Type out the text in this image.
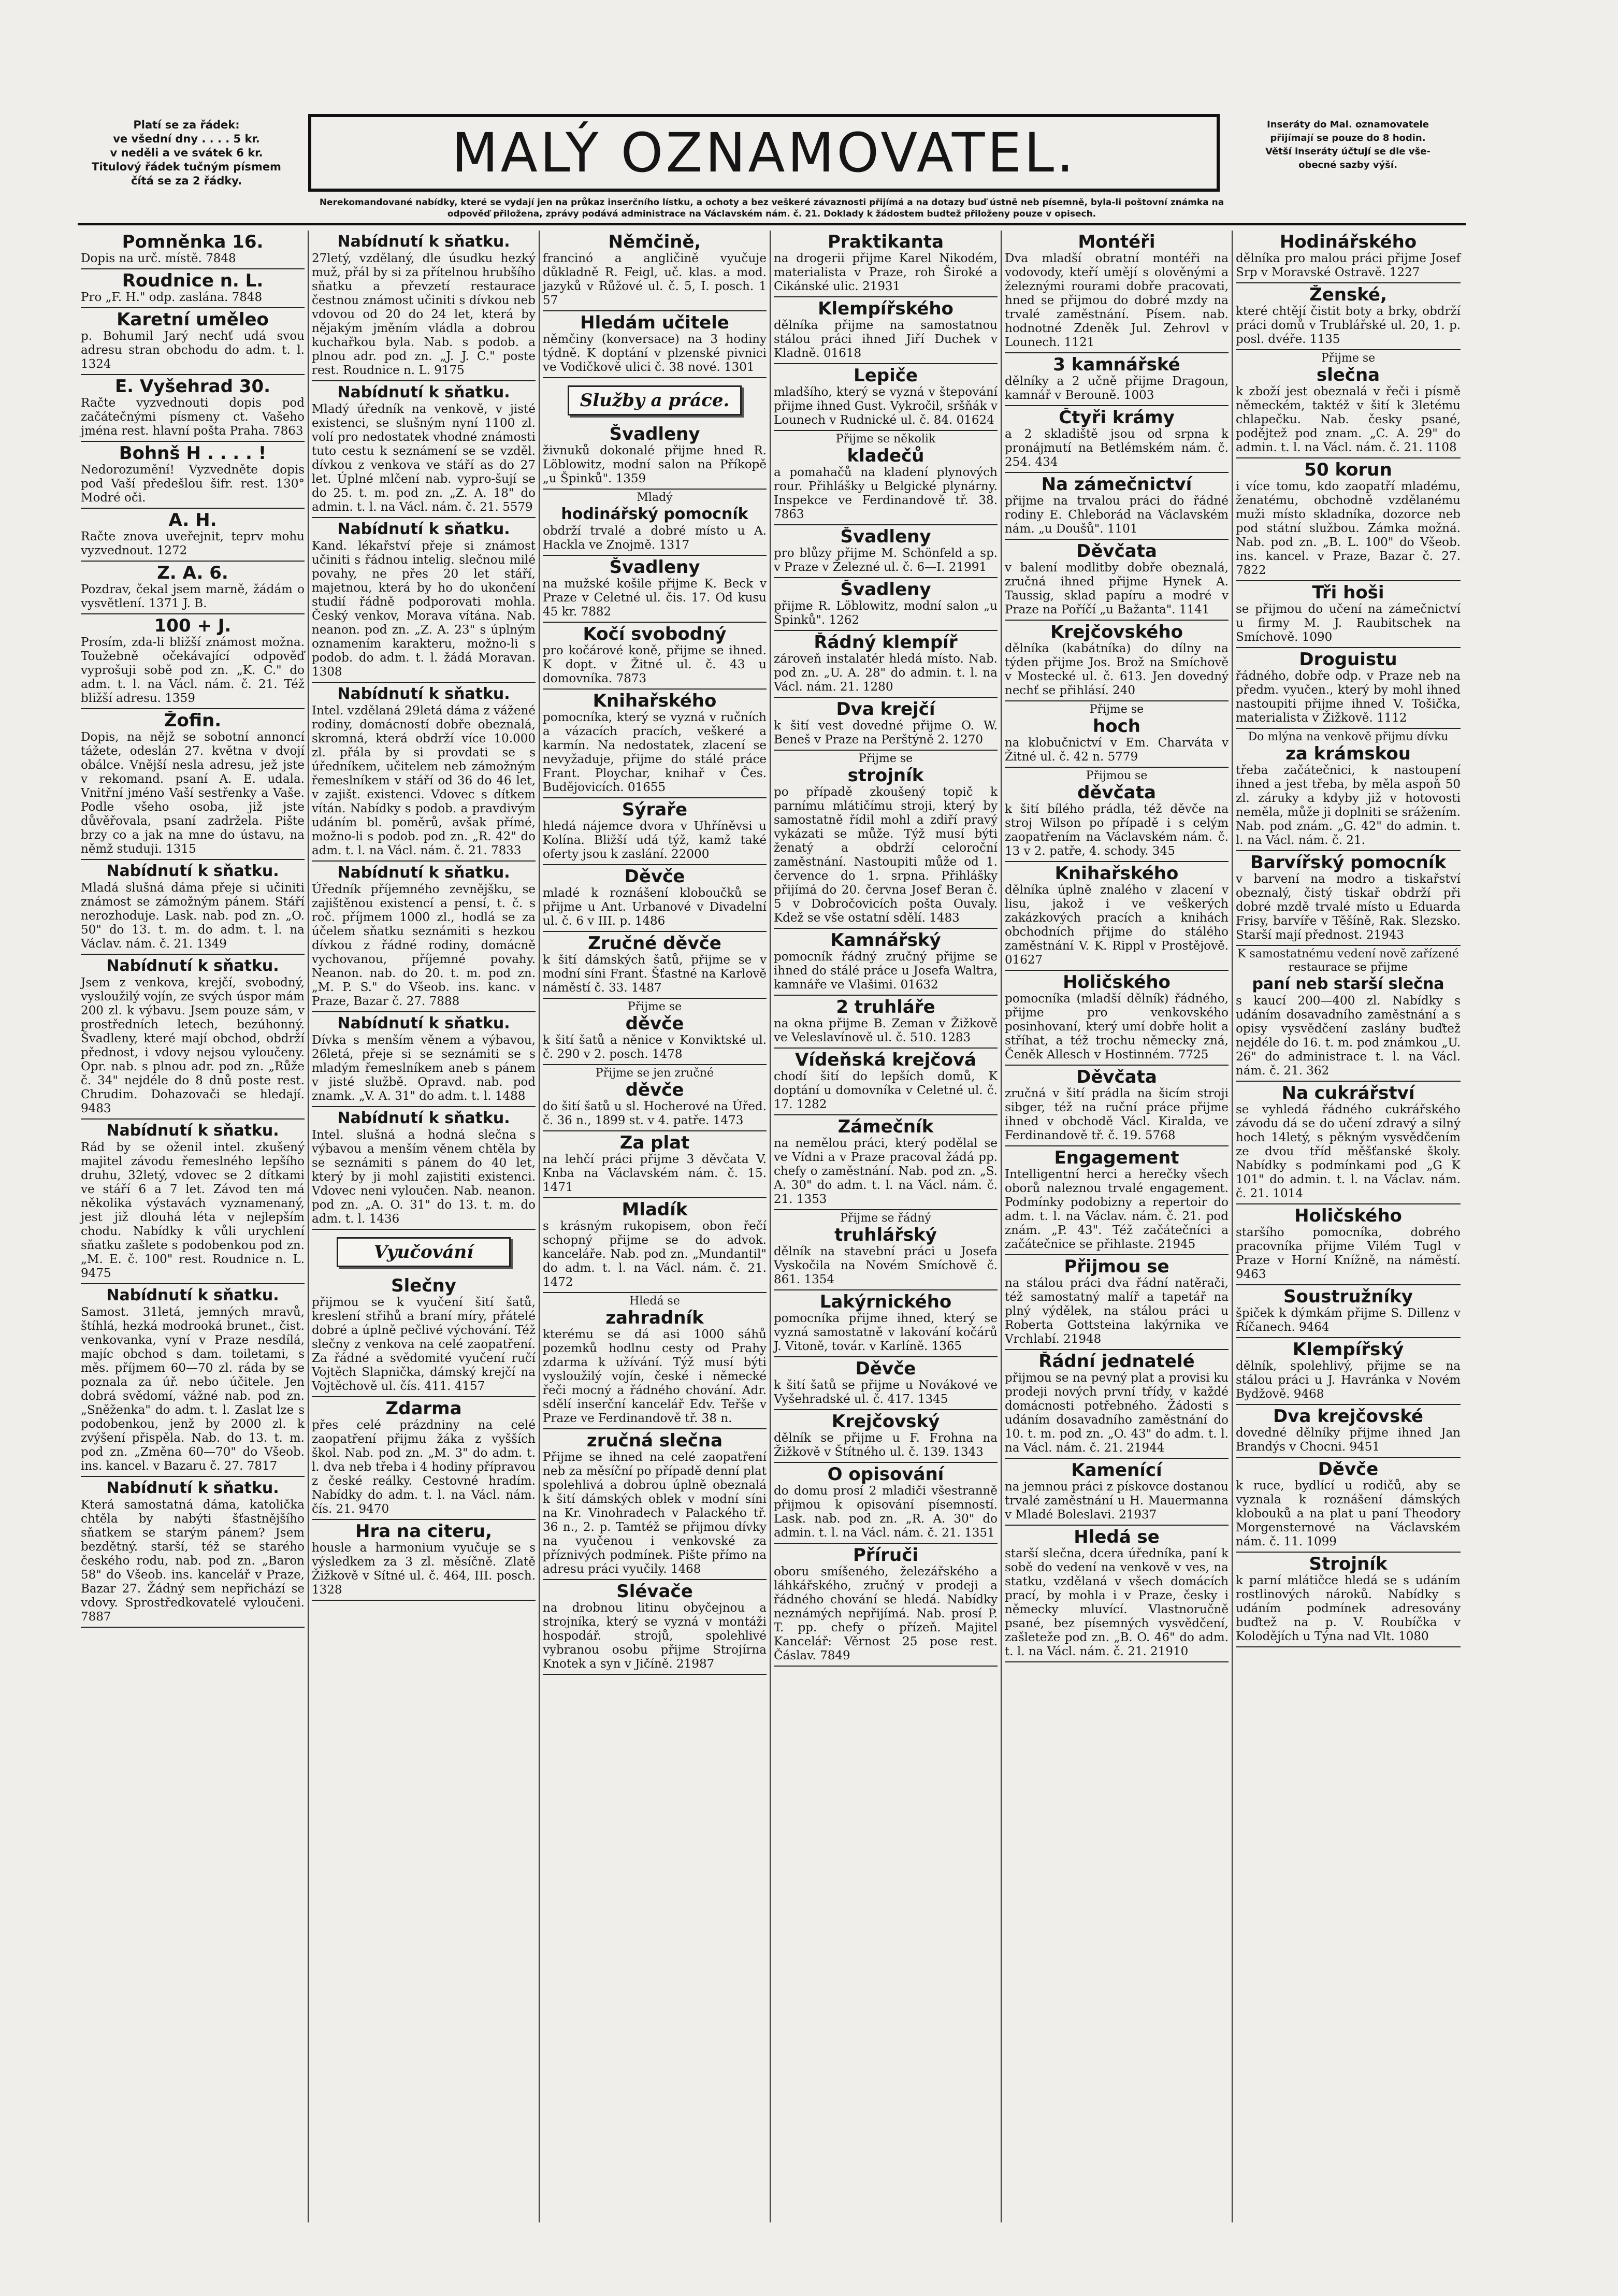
Platí se za řádek:
ve všední dny . . . . 5 kr.
v neděli a ve svátek 6 kr.
Titulový řádek tučným písmem
čítá se za 2 řádky.	MALÝ OZNAMOVATEL.	Inseráty do Mal. oznamovatele
přijímají se pouze do 8 hodin.
Větší inseráty účtují se dle vše-
obecné sazby výší.
Nerekomandované nabídky, které se vydají jen na průkaz inserčního lístku, a ochoty a bez veškeré závaznosti přijímá a na dotazy buď ústně neb písemně, byla-li poštovní známka na
odpověď přiložena, zprávy podává administrace na Václavském nám. č. 21. Doklady k žádostem budtež přiloženy pouze v opisech.
Pomněnka 16.
Dopis na urč. místě. 7848
Roudnice n. L.
Pro „F. H." odp. zaslána. 7848
Karetní uměleo
p. Bohumil Jarý nechť udá svou adresu stran obchodu do adm. t. l. 1324
E. Vyšehrad 30.
Račte vyzvednouti dopis pod začátečnými písmeny ct. Vašeho jména rest. hlavní pošta Praha. 7863
Bohnš H . . . . !
Nedorozumění! Vyzvedněte dopis pod Vaší předešlou šifr. rest. 130° Modré oči.
A. H.
Račte znova uveřejnit, teprv mohu vyzvednout. 1272
Z. A. 6.
Pozdrav, čekal jsem marně, žádám o vysvětlení. 1371 J. B.
100 + J.
Prosím, zda-li bližší známost možna. Toužebně očekávající odpověď vyprošuji sobě pod zn. „K. C." do adm. t. l. na Václ. nám. č. 21. Též bližší adresu. 1359
Žofin.
Dopis, na nějž se sobotní annoncí tážete, odeslán 27. května v dvojí obálce. Vnější nesla adresu, jež jste v rekomand. psaní A. E. udala. Vnitřní jméno Vaší sestřenky a Vaše. Podle všeho osoba, již jste důvěřovala, psaní zadržela. Pište brzy co a jak na mne do ústavu, na němž studuji. 1315
Nabídnutí k sňatku.
Mladá slušná dáma přeje si učiniti známost se zámožným pánem. Stáří nerozhoduje. Lask. nab. pod zn. „O. 50" do 13. t. m. do adm. t. l. na Václav. nám. č. 21. 1349
Nabídnutí k sňatku.
Jsem z venkova, krejčí, svobodný, vysloužilý vojín, ze svých úspor mám 200 zl. k výbavu. Jsem pouze sám, v prostředních letech, bezúhonný. Švadleny, které mají obchod, obdrží přednost, i vdovy nejsou vyloučeny. Opr. nab. s plnou adr. pod zn. „Růže č. 34" nejdéle do 8 dnů poste rest. Chrudim. Dohazovači se hledají. 9483
Nabídnutí k sňatku.
Rád by se oženil intel. zkušený majitel závodu řemeslného lepšího druhu, 32letý, vdovec se 2 dítkami ve stáří 6 a 7 let. Závod ten má několika výstavách vyznamenaný, jest již dlouhá léta v nejlepším chodu. Nabídky k vůli urychlení sňatku zašlete s podobenkou pod zn. „M. E. č. 100" rest. Roudnice n. L. 9475
Nabídnutí k sňatku.
Samost. 31letá, jemných mravů, štíhlá, hezká modrooká brunet., čist. venkovanka, vyní v Praze nesdílá, majíc obchod s dam. toiletami, s měs. příjmem 60—70 zl. ráda by se poznala za úř. nebo účitele. Jen dobrá svědomí, vážné nab. pod zn. „Sněženka" do adm. t. l. Zaslat lze s podobenkou, jenž by 2000 zl. k zvýšení přispěla. Nab. do 13. t. m. pod zn. „Změna 60—70" do Všeob. ins. kancel. v Bazaru č. 27. 7817
Nabídnutí k sňatku.
Která samostatná dáma, katolička chtěla by nabýti šťastnějšího sňatkem se starým pánem? Jsem bezdětný. starší, též se starého českého rodu, nab. pod zn. „Baron 58" do Všeob. ins. kancelář v Praze, Bazar 27. Žádný sem nepřichází se vdovy. Sprostředkovatelé vyloučeni. 7887
Nabídnutí k sňatku.
27letý, vzdělaný, dle úsudku hezký muž, přál by si za přítelnou hrubšího sňatku a převzetí restaurace čestnou známost učiniti s dívkou neb vdovou od 20 do 24 let, která by nějakým jměním vládla a dobrou kuchařkou byla. Nab. s podob. a plnou adr. pod zn. „J. J. C." poste rest. Roudnice n. L. 9175
Nabídnutí k sňatku.
Mladý úředník na venkově, v jisté existenci, se slušným nyní 1100 zl. volí pro nedostatek vhodné známosti tuto cestu k seznámení se se vzděl. dívkou z venkova ve stáří as do 27 let. Úplné mlčení nab. vypro-šují se do 25. t. m. pod zn. „Z. A. 18" do admin. t. l. na Václ. nám. č. 21. 5579
Nabídnutí k sňatku.
Kand. lékařství přeje si známost učiniti s řádnou intelig. slečnou milé povahy, ne přes 20 let stáří, majetnou, která by ho do ukončení studií řádně podporovati mohla. Český venkov, Morava vítána. Nab. neanon. pod zn. „Z. A. 23" s úplným oznamením karakteru, možno-li s podob. do adm. t. l. žádá Moravan. 1308
Nabídnutí k sňatku.
Intel. vzdělaná 29letá dáma z vážené rodiny, domácností dobře obeznalá, skromná, která obdrží více 10.000 zl. přála by si provdati se s úředníkem, učitelem neb zámožným řemeslníkem v stáří od 36 do 46 let, v zajišt. existenci. Vdovec s dítkem vítán. Nabídky s podob. a pravdivým udáním bl. poměrů, avšak přímé, možno-li s podob. pod zn. „R. 42" do adm. t. l. na Václ. nám. č. 21. 7833
Nabídnutí k sňatku.
Úředník příjemného zevnějšku, se zajištěnou existencí a pensí, t. č. s roč. příjmem 1000 zl., hodlá se za účelem sňatku seznámiti s hezkou dívkou z řádné rodiny, domácně vychovanou, příjemné povahy. Neanon. nab. do 20. t. m. pod zn. „M. P. S." do Všeob. ins. kanc. v Praze, Bazar č. 27. 7888
Nabídnutí k sňatku.
Dívka s menším věnem a výbavou, 26letá, přeje si se seznámiti se s mladým řemeslníkem aneb s pánem v jisté službě. Opravd. nab. pod znamk. „V. A. 31" do adm. t. l. 1488
Nabídnutí k sňatku.
Intel. slušná a hodná slečna s výbavou a menším věnem chtěla by se seznámiti s pánem do 40 let, který by ji mohl zajistiti existenci. Vdovec neni vyloučen. Nab. neanon. pod zn. „A. O. 31" do 13. t. m. do adm. t. l. 1436
Vyučování
Slečny
přijmou se k vyučení šití šatů, kreslení střihů a braní míry, přátelé dobré a úplně pečlivé výchování. Též slečny z venkova na celé zaopatření. Za řádné a svědomité vyučení ručí Vojtěch Slapnička, dámský krejčí na Vojtěchově ul. čís. 411. 4157
Zdarma
přes celé prázdniny na celé zaopatření přijmu žáka z vyšších škol. Nab. pod zn. „M. 3" do adm. t. l. dva neb třeba i 4 hodiny přípravou z české reálky. Cestovné hradím. Nabídky do adm. t. l. na Václ. nám. čís. 21. 9470
Hra na citeru,
housle a harmonium vyučuje se s výsledkem za 3 zl. měsíčně. Zlatě Žižkově v Sítné ul. č. 464, III. posch. 1328
Němčině,
francinó a angličině vyučuje důkladně R. Feigl, uč. klas. a mod. jazyků v Růžové ul. č. 5, I. posch. 1 57
Hledám učitele
němčiny (konversace) na 3 hodiny týdně. K doptání v plzenské pivnici ve Vodičkově ulici č. 38 nové. 1301
Služby a práce.
Švadleny
živnuků dokonalé přijme hned R. Löblowitz, modní salon na Příkopě „u Špinků". 1359
Mladý
hodinářský pomocník
obdrží trvalé a dobré místo u A. Hackla ve Znojmě. 1317
Švadleny
na mužské košile přijme K. Beck v Praze v Celetné ul. čis. 17. Od kusu 45 kr. 7882
Kočí svobodný
pro kočárové koně, přijme se ihned. K dopt. v Žitné ul. č. 43 u domovníka. 7873
Knihařského
pomocníka, který se vyzná v ručních a vázacích pracích, veškeré a karmín. Na nedostatek, zlacení se nevyžaduje, přijme do stálé práce Frant. Ploychar, knihař v Čes. Budějovicích. 01655
Sýraře
hledá nájemce dvora v Uhříněvsi u Kolína. Bližší udá týž, kamž také oferty jsou k zaslání. 22000
Děvče
mladé k roznášení kloboučků se přijme u Ant. Urbanové v Divadelní ul. č. 6 v III. p. 1486
Zručné děvče
k šití dámských šatů, přijme se v modní síni Frant. Šťastné na Karlově náměstí č. 33. 1487
Přijme se
děvče
k šití šatů a něnice v Konviktské ul. č. 290 v 2. posch. 1478
Přijme se jen zručné
děvče
do šití šatů u sl. Hocherové na Úřed. č. 36 n., 1899 st. v 4. patře. 1473
Za plat
na lehčí práci přijme 3 děvčata V. Knba na Václavském nám. č. 15. 1471
Mladík
s krásným rukopisem, obon řečí schopný přijme se do advok. kanceláře. Nab. pod zn. „Mundantil" do adm. t. l. na Václ. nám. č. 21. 1472
Hledá se
zahradník
kterému se dá asi 1000 sáhů pozemků hodlnu cesty od Prahy zdarma k užívání. Týž musí býti vysloužilý vojín, české i německé řeči mocný a řádného chování. Adr. sdělí inserční kancelář Edv. Teřše v Praze ve Ferdinandově tř. 38 n.
zručná slečna
Přijme se ihned na celé zaopatření neb za měsíční po případě denní plat spolehlivá a dobrou úplně obeznalá k šití dámských oblek v modní síni na Kr. Vinohradech v Palackého tř. 36 n., 2. p. Tamtéž se přijmou dívky na vyučenou i venkovské za příznivých podmínek. Pište přímo na adresu práci vyučily. 1468
Slévače
na drobnou litinu obyčejnou a strojníka, který se vyzná v montáži hospodář. strojů, spolehlivé vybranou osobu přijme Strojírna Knotek a syn v Jičíně. 21987
Praktikanta
na drogerii přijme Karel Nikodém, materialista v Praze, roh Široké a Cikánské ulic. 21931
Klempířského
dělníka přijme na samostatnou stálou práci ihned Jiří Duchek v Kladně. 01618
Lepiče
mladšího, který se vyzná v štepování přijme ihned Gust. Vykročil, sršňák v Lounech v Rudnické ul. č. 84. 01624
Přijme se několik
kladečů
a pomahačů na kladení plynových rour. Přihlášky u Belgické plynárny. Inspekce ve Ferdinandově tř. 38. 7863
Švadleny
pro blůzy přijme M. Schönfeld a sp. v Praze v Železné ul. č. 6—I. 21991
Švadleny
přijme R. Löblowitz, modní salon „u Špinků". 1262
Řádný klempíř
zároveň instalatér hledá místo. Nab. pod zn. „U. A. 28" do admin. t. l. na Václ. nám. 21. 1280
Dva krejčí
k šití vest dovedné přijme O. W. Beneš v Praze na Perštýně 2. 1270
Přijme se
strojník
po případě zkoušený topič k parnímu mlátičímu stroji, který by samostatně řídil mohl a zdiří pravý vykázati se může. Týž musí býti ženatý a obdrží celoroční zaměstnání. Nastoupiti může od 1. července do 1. srpna. Přihlášky přijímá do 20. června Josef Beran č. 5 v Dobročovicích pošta Ouvaly. Kdež se vše ostatní sdělí. 1483
Kamnářský
pomocník řádný zručný přijme se ihned do stálé práce u Josefa Waltra, kamnáře ve Vlašimi. 01632
2 truhláře
na okna přijme B. Zeman v Žižkově ve Veleslavínově ul. č. 510. 1283
Vídeňská krejčová
chodí šití do lepších domů, K doptání u domovníka v Celetné ul. č. 17. 1282
Zámečník
na nemělou práci, který podělal se ve Vídni a v Praze pracoval žádá pp. chefy o zaměstnání. Nab. pod zn. „S. A. 30" do adm. t. l. na Václ. nám. č. 21. 1353
Přijme se řádný
truhlářský
dělník na stavební práci u Josefa Vyskočila na Novém Smíchově č. 861. 1354
Lakýrnického
pomocníka přijme ihned, který se vyzná samostatně v lakování kočárů J. Vitoně, továr. v Karlíně. 1365
Děvče
k šití šatů se přijme u Novákové ve Vyšehradské ul. č. 417. 1345
Krejčovský
dělník se přijme u F. Frohna na Žižkově v Štítného ul. č. 139. 1343
O opisování
do domu prosí 2 mladiči všestranně přijmou k opisování písemností. Lask. nab. pod zn. „R. A. 30" do admin. t. l. na Václ. nám. č. 21. 1351
Příruči
oboru smíšeného, železářského a láhkářského, zručný v prodeji a řádného chování se hledá. Nabídky neznámých nepřijímá. Nab. prosí P. T. pp. chefy o přízeň. Majitel Kancelář: Věrnost 25 pose rest. Čáslav. 7849
Montéři
Dva mladší obratní montéři na vodovody, kteří umějí s olověnými a železnými rourami dobře pracovati, hned se přijmou do dobré mzdy na trvalé zaměstnání. Písem. nab. hodnotné Zdeněk Jul. Zehrovl v Lounech. 1121
3 kamnářské
dělníky a 2 učně přijme Dragoun, kamnář v Berouně. 1003
Čtyři krámy
a 2 skladiště jsou od srpna k pronájmutí na Betlémském nám. č. 254. 434
Na zámečnictví
přijme na trvalou práci do řádné rodiny E. Chleborád na Václavském nám. „u Doušů". 1101
Děvčata
v balení modlitby dobře obeznalá, zručná ihned přijme Hynek A. Taussig, sklad papíru a modré v Praze na Poříčí „u Bažanta". 1141
Krejčovského
dělníka (kabátníka) do dílny na týden přijme Jos. Brož na Smíchově v Mostecké ul. č. 613. Jen dovedný nechť se přihlásí. 240
Přijme se
hoch
na klobučnictví v Em. Charváta v Žitné ul. č. 42 n. 5779
Přijmou se
děvčata
k šití bílého prádla, též děvče na stroj Wilson po případě i s celým zaopatřením na Václavském nám. č. 13 v 2. patře, 4. schody. 345
Knihařského
dělníka úplně znalého v zlacení v lisu, jakož i ve veškerých zakázkových pracích a knihách obchodních přijme do stálého zaměstnání V. K. Rippl v Prostějově. 01627
Holičského
pomocníka (mladší dělník) řádného, přijme pro venkovského posinhovaní, který umí dobře holit a stříhat, a též trochu německy zná, Čeněk Allesch v Hostinném. 7725
Děvčata
zručná v šití prádla na šicím stroji sibger, též na ruční práce přijme ihned v obchodě Václ. Kiralda, ve Ferdinandově tř. č. 19. 5768
Engagement
Intelligentní herci a herečky všech oborů naleznou trvalé engagement. Podmínky podobizny a repertoir do adm. t. l. na Václav. nám. č. 21. pod znám. „P. 43". Též začátečníci a začátečnice se přihlaste. 21945
Přijmou se
na stálou práci dva řádní natěrači, též samostatný malíř a tapetář na plný výdělek, na stálou práci u Roberta Gottsteina lakýrnika ve Vrchlabí. 21948
Řádní jednatelé
přijmou se na pevný plat a provisi ku prodeji nových první třídy, v každé domácnosti potřebného. Žádosti s udáním dosavadního zaměstnání do 10. t. m. pod zn. „O. 43" do adm. t. l. na Václ. nám. č. 21. 21944
Kamenící
na jemnou práci z pískovce dostanou trvalé zaměstnání u H. Mauermanna v Mladé Boleslavi. 21937
Hledá se
starší slečna, dcera úředníka, paní k sobě do vedení na venkově v ves, na statku, vzdělaná v všech domácích prací, by mohla i v Praze, česky i německy mluvící. Vlastnoručně psané, bez písemných vysvědčení, zašleteže pod zn. „B. O. 46" do adm. t. l. na Václ. nám. č. 21. 21910
Hodinářského
dělníka pro malou práci přijme Josef Srp v Moravské Ostravě. 1227
Ženské,
které chtějí čistit boty a brky, obdrží práci domů v Trublářské ul. 20, 1. p. posl. dvéře. 1135
Přijme se
slečna
k zboží jest obeznalá v řeči i písmě německém, taktéž v šití k 3letému chlapečku. Nab. česky psané, podějtež pod znam. „C. A. 29" do admin. t. l. na Václ. nám. č. 21. 1108
50 korun
i více tomu, kdo zaopatří mladému, ženatému, obchodně vzdělanému muži místo skladníka, dozorce neb pod státní službou. Zámka možná. Nab. pod zn. „B. L. 100" do Všeob. ins. kancel. v Praze, Bazar č. 27. 7822
Tři hoši
se přijmou do učení na zámečnictví u firmy M. J. Raubitschek na Smíchově. 1090
Droguistu
řádného, dobře odp. v Praze neb na předm. vyučen., který by mohl ihned nastoupiti přijme ihned V. Tošička, materialista v Žižkově. 1112
Do mlýna na venkově přijmu dívku
za krámskou
třeba začátečnici, k nastoupení ihned a jest třeba, by měla aspoň 50 zl. záruky a kdyby již v hotovosti neměla, může ji doplniti se srážením. Nab. pod znám. „G. 42" do admin. t. l. na Václ. nám. č. 21.
Barvířský pomocník
v barvení na modro a tiskařství obeznalý, čistý tiskař obdrží při dobré mzdě trvalé místo u Eduarda Frisy, barvíře v Těšíně, Rak. Slezsko. Starší mají přednost. 21943
K samostatnému vedení nově zařízené restaurace se přijme
paní neb starší slečna
s kaucí 200—400 zl. Nabídky s udáním dosavadního zaměstnání a s opisy vysvědčení zaslány buďtež nejdéle do 16. t. m. pod známkou „U. 26" do administrace t. l. na Václ. nám. č. 21. 362
Na cukrářství
se vyhledá řádného cukrářského závodu dá se do učení zdravý a silný hoch 14letý, s pěkným vysvědčením ze dvou tříd měšťanské školy. Nabídky s podmínkami pod „G K 101" do admin. t. l. na Václav. nám. č. 21. 1014
Holičského
staršího pomocníka, dobrého pracovníka přijme Vilém Tugl v Praze v Horní Knížně, na náměstí. 9463
Soustružníky
špiček k dýmkám přijme S. Dillenz v Říčanech. 9464
Klempířský
dělník, spolehlivý, přijme se na stálou práci u J. Havránka v Novém Bydžově. 9468
Dva krejčovské
dovedné dělníky přijme ihned Jan Brandýs v Chocni. 9451
Děvče
k ruce, bydlící u rodičů, aby se vyznala k roznášení dámských klobouků a na plat u paní Theodory Morgensternové na Václavském nám. č. 11. 1099
Strojník
k parní mlátičce hledá se s udáním rostlinových nároků. Nabídky s udáním podmínek adresovány buďtež na p. V. Roubíčka v Kolodějích u Týna nad Vlt. 1080
